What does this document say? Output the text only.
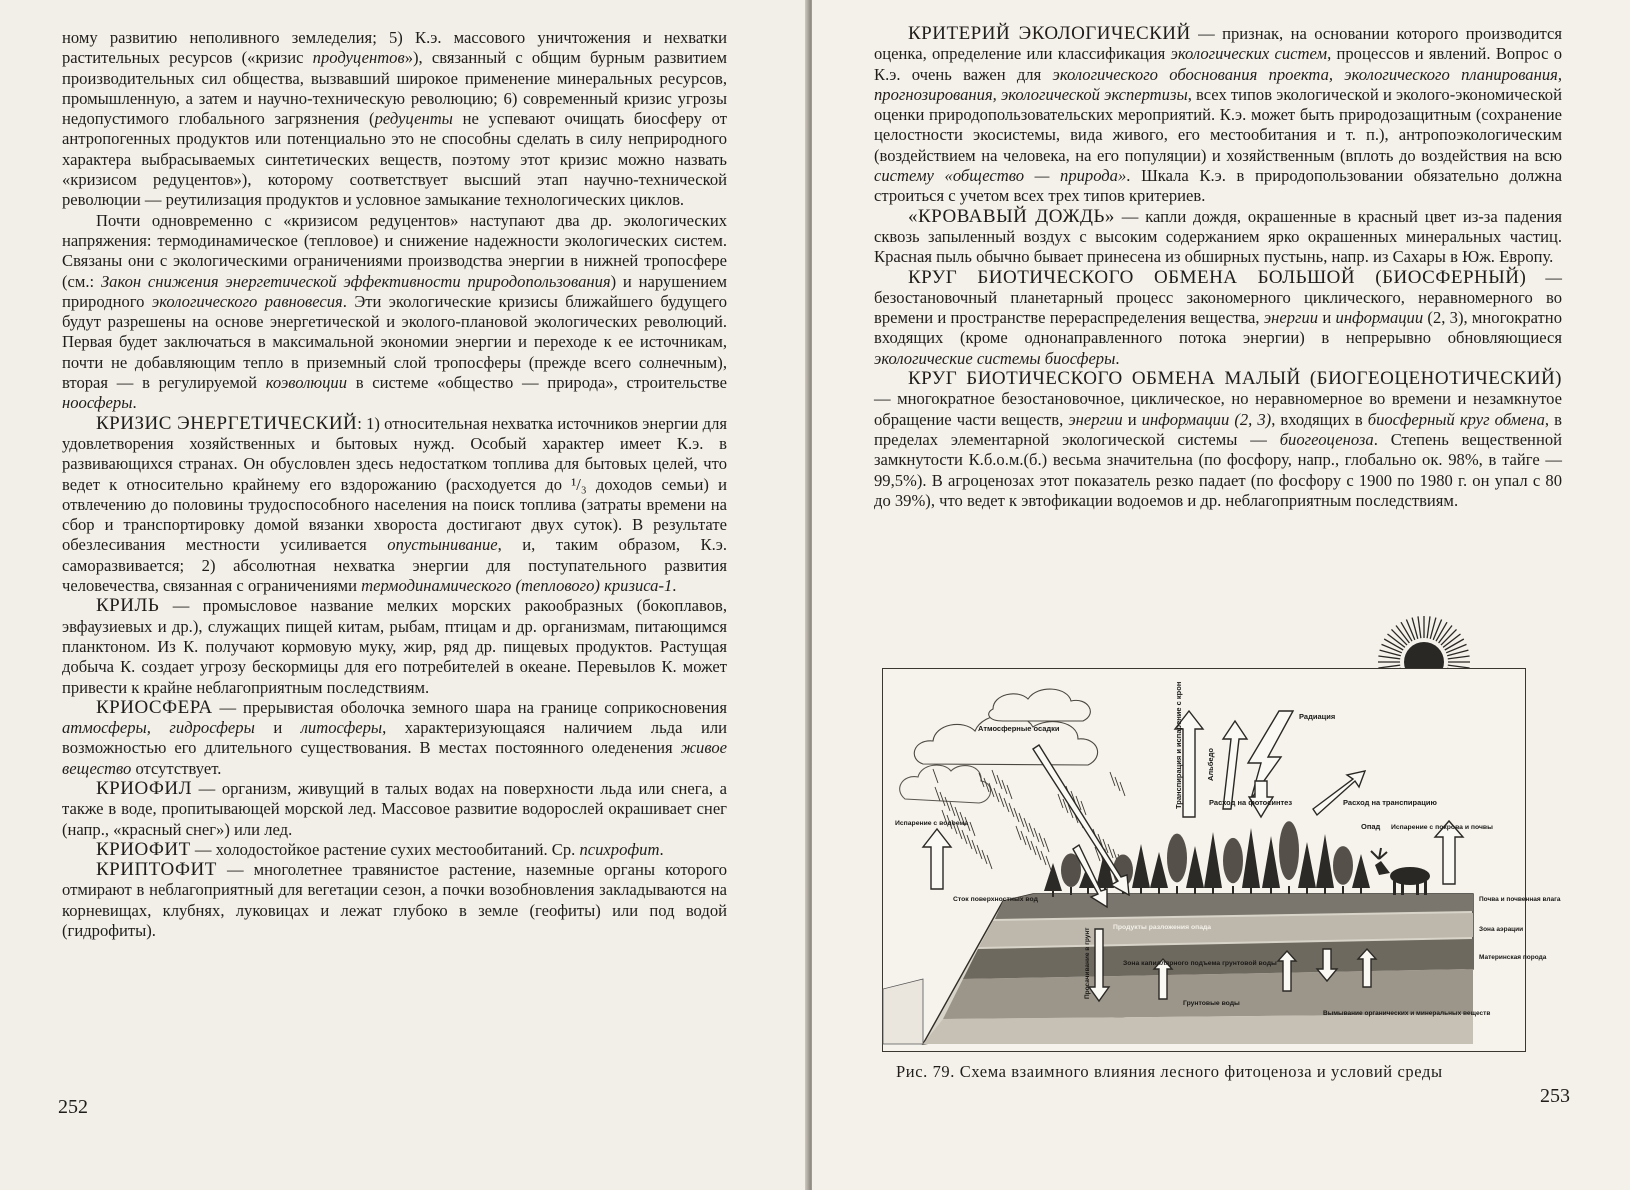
ному развитию неполивного земледелия; 5) К.э. массового уничтожения и нехватки растительных ресурсов («кризис продуцентов»), связанный с общим бурным развитием производительных сил общества, вызвавший широкое применение минеральных ресурсов, промышленную, а затем и научно-техническую революцию; 6) современный кризис угрозы недопустимого глобального загрязнения (редуценты не успевают очищать биосферу от антропогенных продуктов или потенциально это не способны сделать в силу неприродного характера выбрасываемых синтетических веществ, поэтому этот кризис можно назвать «кризисом редуцентов»), которому соответствует высший этап научно-технической революции — реутилизация продуктов и условное замыкание технологических циклов.

Почти одновременно с «кризисом редуцентов» наступают два др. экологических напряжения: термодинамическое (тепловое) и снижение надежности экологических систем. Связаны они с экологическими ограничениями производства энергии в нижней тропосфере (см.: Закон снижения энергетической эффективности природопользования) и нарушением природного экологического равновесия. Эти экологические кризисы ближайшего будущего будут разрешены на основе энергетической и эколого-плановой экологических революций. Первая будет заключаться в максимальной экономии энергии и переходе к ее источникам, почти не добавляющим тепло в приземный слой тропосферы (прежде всего солнечным), вторая — в регулируемой коэволюции в системе «общество — природа», строительстве ноосферы.

КРИЗИС ЭНЕРГЕТИЧЕСКИЙ: 1) относительная нехватка источников энергии для удовлетворения хозяйственных и бытовых нужд. Особый характер имеет К.э. в развивающихся странах. Он обусловлен здесь недостатком топлива для бытовых целей, что ведет к относительно крайнему его вздорожанию (расходуется до ¹/₃ доходов семьи) и отвлечению до половины трудоспособного населения на поиск топлива (затраты времени на сбор и транспортировку домой вязанки хвороста достигают двух суток). В результате обезлесивания местности усиливается опустынивание, и, таким образом, К.э. саморазвивается; 2) абсолютная нехватка энергии для поступательного развития человечества, связанная с ограничениями термодинамического (теплового) кризиса-1.

КРИЛЬ — промысловое название мелких морских ракообразных (бокоплавов, эвфаузиевых и др.), служащих пищей китам, рыбам, птицам и др. организмам, питающимся планктоном. Из К. получают кормовую муку, жир, ряд др. пищевых продуктов. Растущая добыча К. создает угрозу бескормицы для его потребителей в океане. Перевылов К. может привести к крайне неблагоприятным последствиям.

КРИОСФЕРА — прерывистая оболочка земного шара на границе соприкосновения атмосферы, гидросферы и литосферы, характеризующаяся наличием льда или возможностью его длительного существования. В местах постоянного оледенения живое вещество отсутствует.

КРИОФИЛ — организм, живущий в талых водах на поверхности льда или снега, а также в воде, пропитывающей морской лед. Массовое развитие водорослей окрашивает снег (напр., «красный снег») или лед.

КРИОФИТ — холодостойкое растение сухих местообитаний. Ср. психрофит.

КРИПТОФИТ — многолетнее травянистое растение, наземные органы которого отмирают в неблагоприятный для вегетации сезон, а почки возобновления закладываются на корневищах, клубнях, луковицах и лежат глубоко в земле (геофиты) или под водой (гидрофиты).

252

КРИТЕРИЙ ЭКОЛОГИЧЕСКИЙ — признак, на основании которого производится оценка, определение или классификация экологических систем, процессов и явлений. Вопрос о К.э. очень важен для экологического обоснования проекта, экологического планирования, прогнозирования, экологической экспертизы, всех типов экологической и эколого-экономической оценки природопользовательских мероприятий. К.э. может быть природозащитным (сохранение целостности экосистемы, вида живого, его местообитания и т. п.), антропоэкологическим (воздействием на человека, на его популяции) и хозяйственным (вплоть до воздействия на всю систему «общество — природа». Шкала К.э. в природопользовании обязательно должна строиться с учетом всех трех типов критериев.

«КРОВАВЫЙ ДОЖДЬ» — капли дождя, окрашенные в красный цвет из-за падения сквозь запыленный воздух с высоким содержанием ярко окрашенных минеральных частиц. Красная пыль обычно бывает принесена из обширных пустынь, напр. из Сахары в Юж. Европу.

КРУГ БИОТИЧЕСКОГО ОБМЕНА БОЛЬШОЙ (БИОСФЕРНЫЙ) — безостановочный планетарный процесс закономерного циклического, неравномерного во времени и пространстве перераспределения вещества, энергии и информации (2, 3), многократно входящих (кроме однонаправленного потока энергии) в непрерывно обновляющиеся экологические системы биосферы.

КРУГ БИОТИЧЕСКОГО ОБМЕНА МАЛЫЙ (БИОГЕОЦЕНОТИЧЕСКИЙ) — многократное безостановочное, циклическое, но неравномерное во времени и незамкнутое обращение части веществ, энергии и информации (2, 3), входящих в биосферный круг обмена, в пределах элементарной экологической системы — биогеоценоза. Степень вещественной замкнутости К.б.о.м.(б.) весьма значительна (по фосфору, напр., глобально ок. 98%, в тайге — 99,5%). В агроценозах этот показатель резко падает (по фосфору с 1900 по 1980 г. он упал с 80 до 39%), что ведет к эвтофикации водоемов и др. неблагоприятным последствиям.

Атмосферные осадки	Транспирация и испарение с крон	Альбедо
Радиация
Расход на фотосинтез	Расход на транспирацию
Опад Испарение с покрова и почвы
Испарение с водоема
Сток поверхностных вод
Продукты разложения опада
Зона капиллярного подъема грунтовой воды
Просачивание в грунт
Грунтовые воды
Вымывание органических и минеральных веществ
Почва и почвенная влага
Зона аэрации
Материнская порода
Рис. 79. Схема взаимного влияния лесного фитоценоза и условий среды
253
